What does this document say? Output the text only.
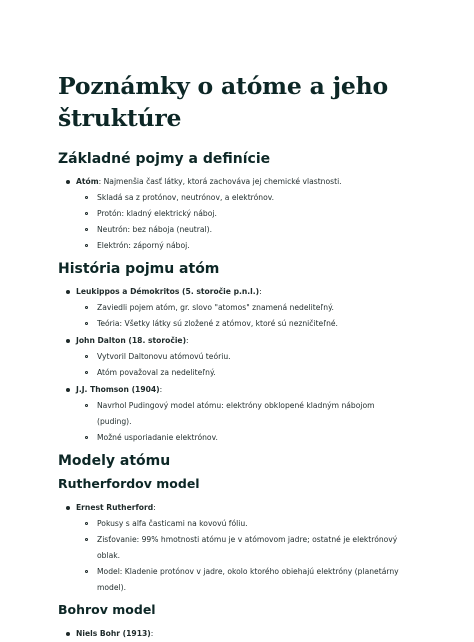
Poznámky o atóme a jeho
štruktúre
Základné pojmy a definície
Atóm: Najmenšia časť látky, ktorá zachováva jej chemické vlastnosti.
Skladá sa z protónov, neutrónov, a elektrónov.
Protón: kladný elektrický náboj.
Neutrón: bez náboja (neutral).
Elektrón: záporný náboj.
História pojmu atóm
Leukippos a Démokritos (5. storočie p.n.l.):
Zaviedli pojem atóm, gr. slovo "atomos" znamená nedeliteľný.
Teória: Všetky látky sú zložené z atómov, ktoré sú nezničiteľné.
John Dalton (18. storočie):
Vytvoril Daltonovu atómovú teóriu.
Atóm považoval za nedeliteľný.
J.J. Thomson (1904):
Navrhol Pudingový model atómu: elektróny obklopené kladným nábojom
(puding).
Možné usporiadanie elektrónov.
Modely atómu
Rutherfordov model
Ernest Rutherford:
Pokusy s alfa časticami na kovovú fóliu.
Zisťovanie: 99% hmotnosti atómu je v atómovom jadre; ostatné je elektrónový
oblak.
Model: Kladenie protónov v jadre, okolo ktorého obiehajú elektróny (planetárny
model).
Bohrov model
Niels Bohr (1913):
